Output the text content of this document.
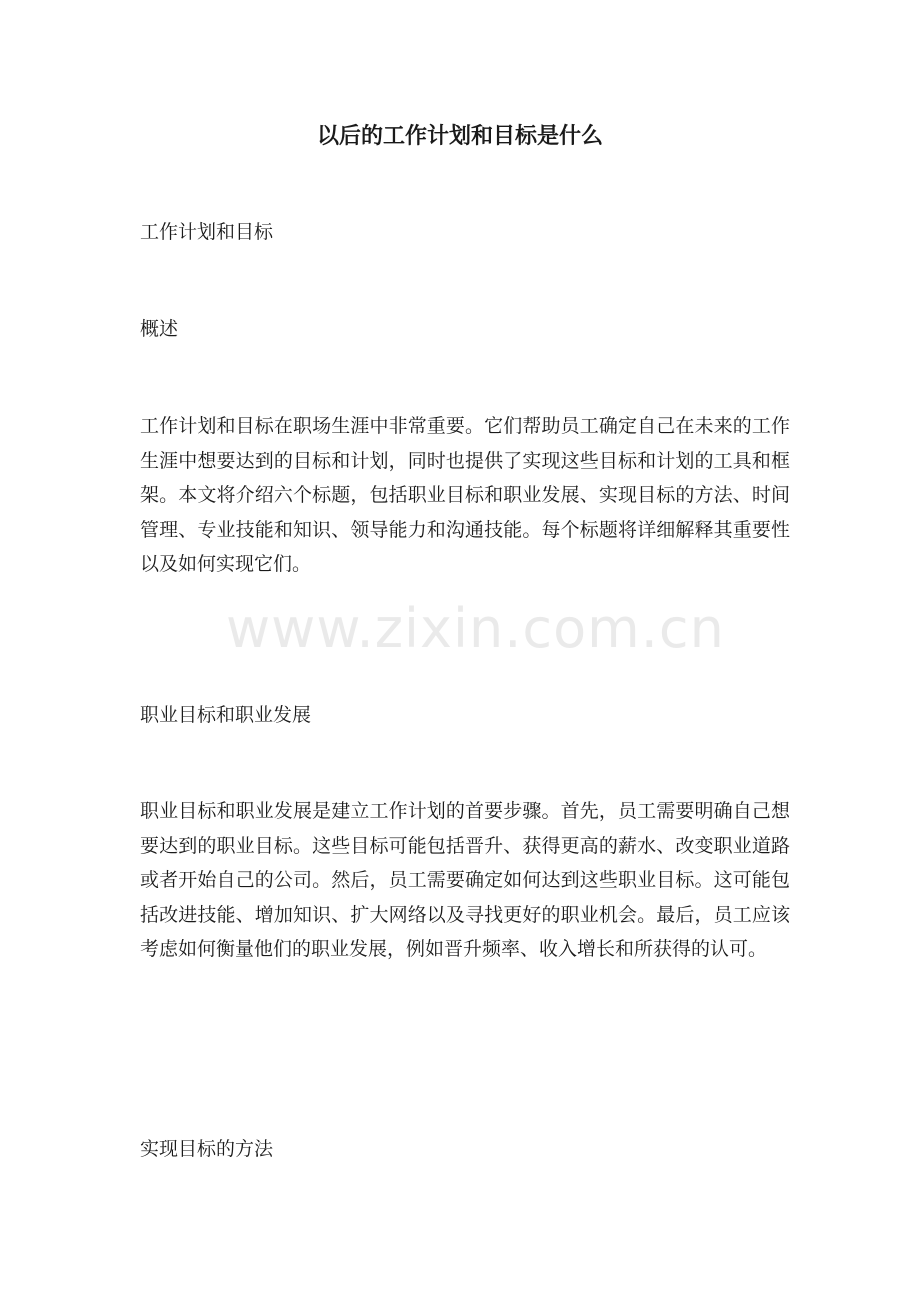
以后的工作计划和目标是什么
工作计划和目标
概述

工作计划和目标在职场生涯中非常重要。它们帮助员工确定自己在未来的工作生涯中想要达到的目标和计划，同时也提供了实现这些目标和计划的工具和框架。本文将介绍六个标题，包括职业目标和职业发展、实现目标的方法、时间管理、专业技能和知识、领导能力和沟通技能。每个标题将详细解释其重要性以及如何实现它们。

职业目标和职业发展

职业目标和职业发展是建立工作计划的首要步骤。首先，员工需要明确自己想要达到的职业目标。这些目标可能包括晋升、获得更高的薪水、改变职业道路或者开始自己的公司。然后，员工需要确定如何达到这些职业目标。这可能包括改进技能、增加知识、扩大网络以及寻找更好的职业机会。最后，员工应该考虑如何衡量他们的职业发展，例如晋升频率、收入增长和所获得的认可。

实现目标的方法
www.zixin.com.cn
